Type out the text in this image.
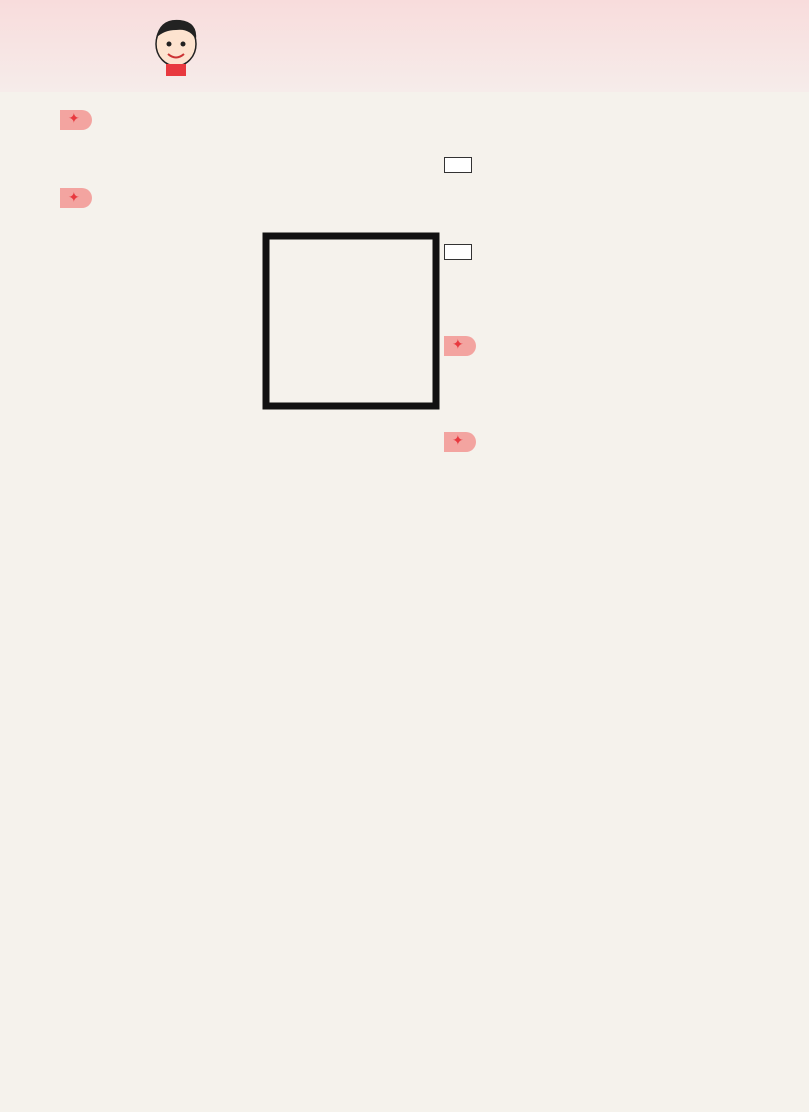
✦
✦
✦
✦
